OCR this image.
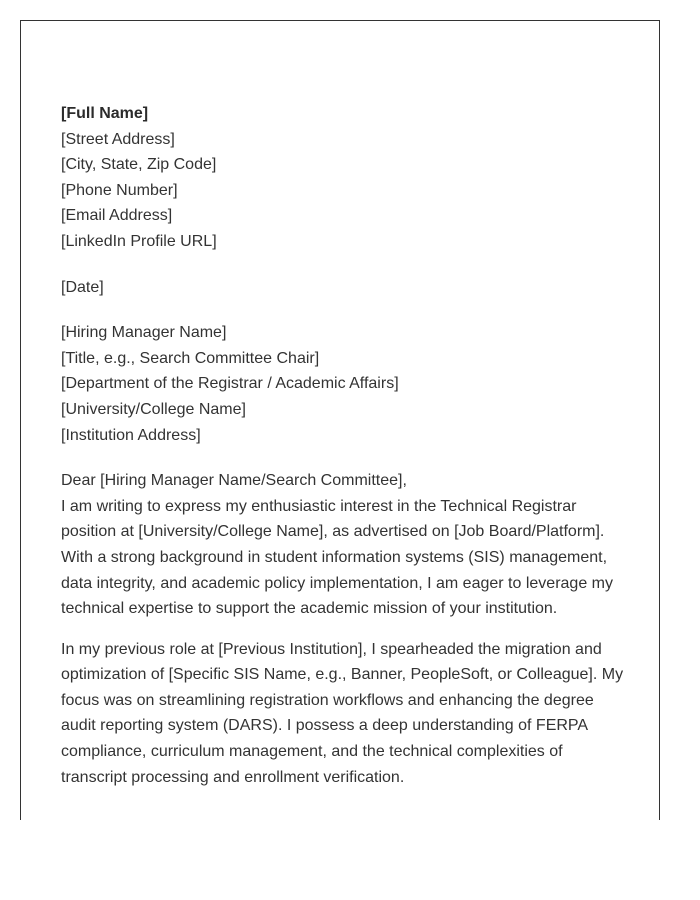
[Full Name]
[Street Address]
[City, State, Zip Code]
[Phone Number]
[Email Address]
[LinkedIn Profile URL]
[Date]
[Hiring Manager Name]
[Title, e.g., Search Committee Chair]
[Department of the Registrar / Academic Affairs]
[University/College Name]
[Institution Address]
Dear [Hiring Manager Name/Search Committee],
I am writing to express my enthusiastic interest in the Technical Registrar position at [University/College Name], as advertised on [Job Board/Platform]. With a strong background in student information systems (SIS) management, data integrity, and academic policy implementation, I am eager to leverage my technical expertise to support the academic mission of your institution.
In my previous role at [Previous Institution], I spearheaded the migration and optimization of [Specific SIS Name, e.g., Banner, PeopleSoft, or Colleague]. My focus was on streamlining registration workflows and enhancing the degree audit reporting system (DARS). I possess a deep understanding of FERPA compliance, curriculum management, and the technical complexities of transcript processing and enrollment verification.
